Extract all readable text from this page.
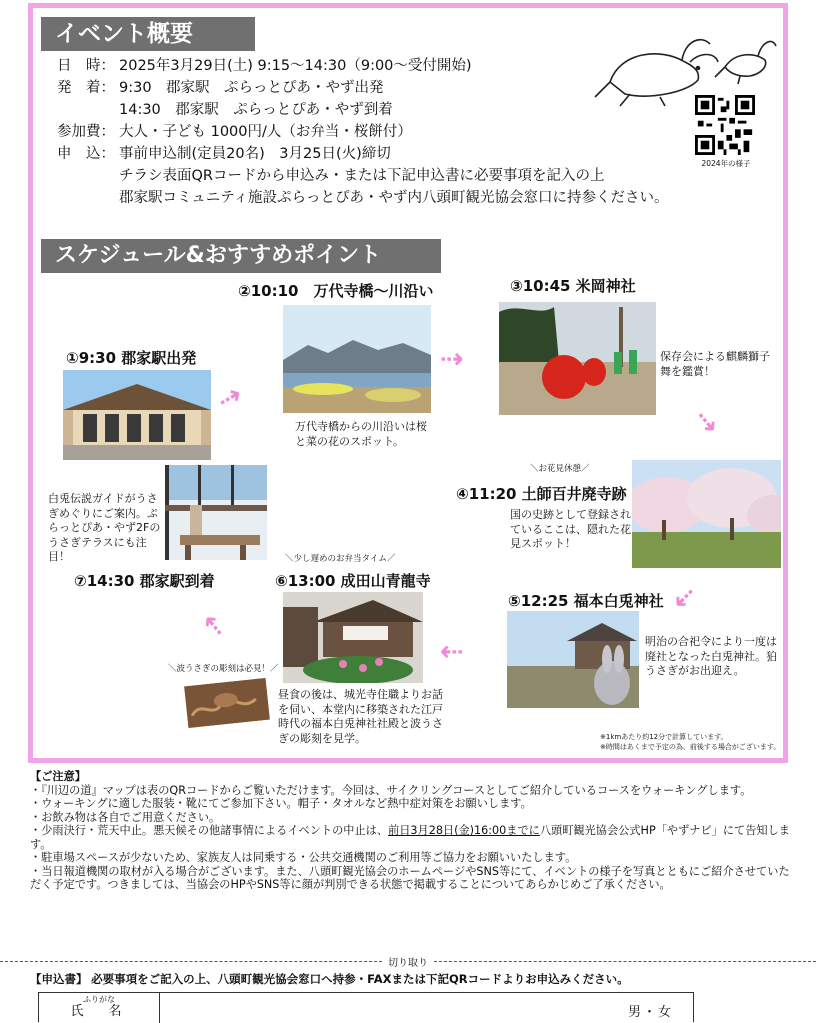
イベント概要
日　時： 2025年3月29日(土) 9:15〜14:30（9:00〜受付開始)
発　着： 9:30　郡家駅　ぷらっとぴあ・やず出発
14:30　郡家駅　ぷらっとぴあ・やず到着
参加費： 大人・子ども 1000円/人（お弁当・桜餅付）
申　込： 事前申込制(定員20名)　3月25日(火)締切
チラシ表面QRコードから申込み・または下記申込書に必要事項を記入の上
郡家駅コミュニティ施設ぷらっとぴあ・やず内八頭町観光協会窓口に持参ください。
2024年の様子
スケジュール&おすすめポイント
①9:30 郡家駅出発
②10:10　万代寺橋〜川沿い
万代寺橋からの川沿いは桜と菜の花のスポット。
③10:45 米岡神社
保存会による麒麟獅子舞を鑑賞！
＼お花見休憩／
④11:20 土師百井廃寺跡
国の史跡として登録されているここは、隠れた花見スポット！
⑤12:25 福本白兎神社
明治の合祀令により一度は廃社となった白兎神社。狛うさぎがお出迎え。
＼少し遅めのお弁当タイム／
⑥13:00 成田山青龍寺
昼食の後は、城光寺住職よりお話を伺い、本堂内に移築された江戸時代の福本白兎神社社殿と波うさぎの彫刻を見学。
＼波うさぎの彫刻は必見！／
白兎伝説ガイドがうさぎめぐりにご案内。ぷらっとぴあ・やず2Fのうさぎテラスにも注目！
⑦14:30 郡家駅到着
⇢
⇢
⇢
⇢
⇢
⇢
※1kmあたり約12分で計算しています。
※時間はあくまで予定の為、前後する場合がございます。
【ご注意】
・『川辺の道』マップは表のQRコードからご覧いただけます。今回は、サイクリングコースとしてご紹介しているコースをウォーキングします。
・ウォーキングに適した服装・靴にてご参加下さい。帽子・タオルなど熱中症対策をお願いします。
・お飲み物は各自でご用意ください。
・少雨決行・荒天中止。悪天候その他諸事情によるイベントの中止は、前日3月28日(金)16:00までに八頭町観光協会公式HP「やずナビ」にて告知します。
・駐車場スペースが少ないため、家族友人は同乗する・公共交通機関のご利用等ご協力をお願いいたします。
・当日報道機関の取材が入る場合がございます。また、八頭町観光協会のホームページやSNS等にて、イベントの様子を写真とともにご紹介させていただく予定です。つきましては、当協会のHPやSNS等に顔が判別できる状態で掲載することについてあらかじめご了承ください。
切り取り
【申込書】 必要事項をご記入の上、八頭町観光協会窓口へ持参・FAXまたは下記QRコードよりお申込みください。
ふりがな
氏　名	男・女
